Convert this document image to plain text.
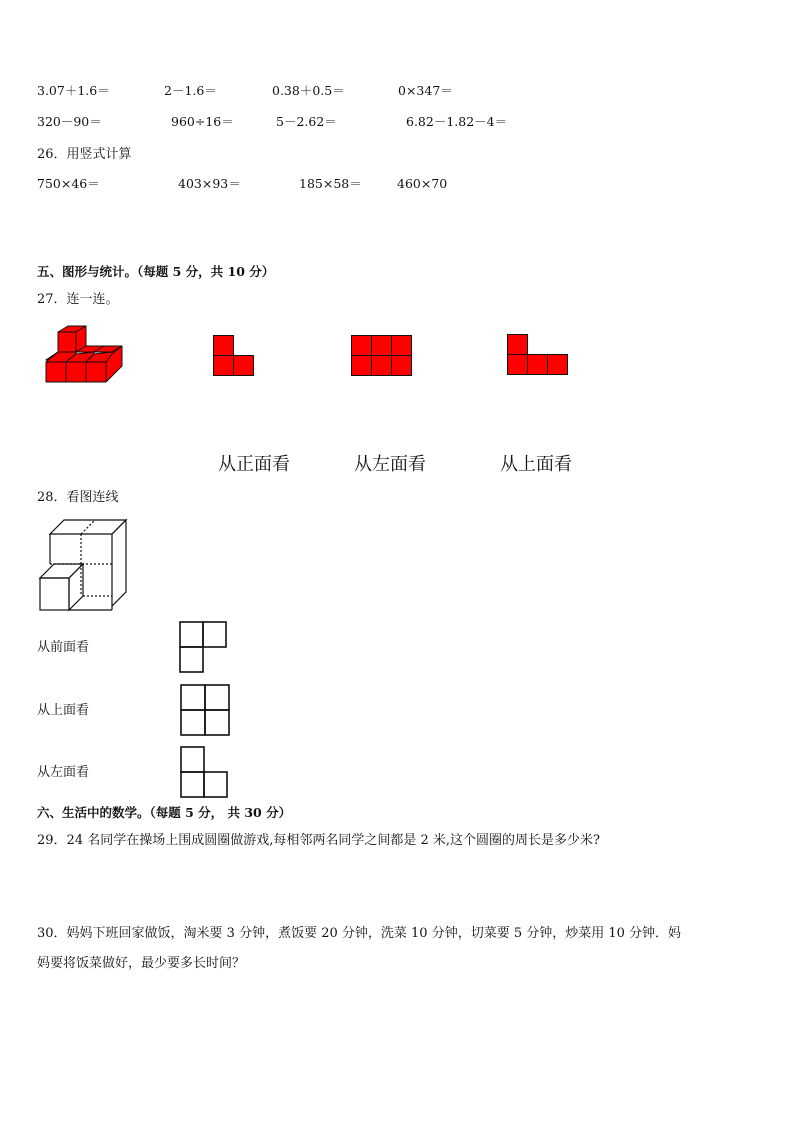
3.07＋1.6＝	2－1.6＝	0.38＋0.5＝	0×347＝
320－90＝	960÷16＝	5－2.62＝	6.82－1.82－4＝
26．用竖式计算
750×46＝	403×93＝	185×58＝	460×70
五、图形与统计。（每题 5 分，共 10 分）
27．连一连。
从正面看	从左面看	从上面看
28．看图连线
从前面看
从上面看
从左面看
六、生活中的数学。（每题 5 分， 共 30 分）
29．24 名同学在操场上围成圆圈做游戏,每相邻两名同学之间都是 2 米,这个圆圈的周长是多少米?
30．妈妈下班回家做饭，淘米要 3 分钟，煮饭要 20 分钟，洗菜 10 分钟，切菜要 5 分钟，炒菜用 10 分钟．妈
妈要将饭菜做好，最少要多长时间？
